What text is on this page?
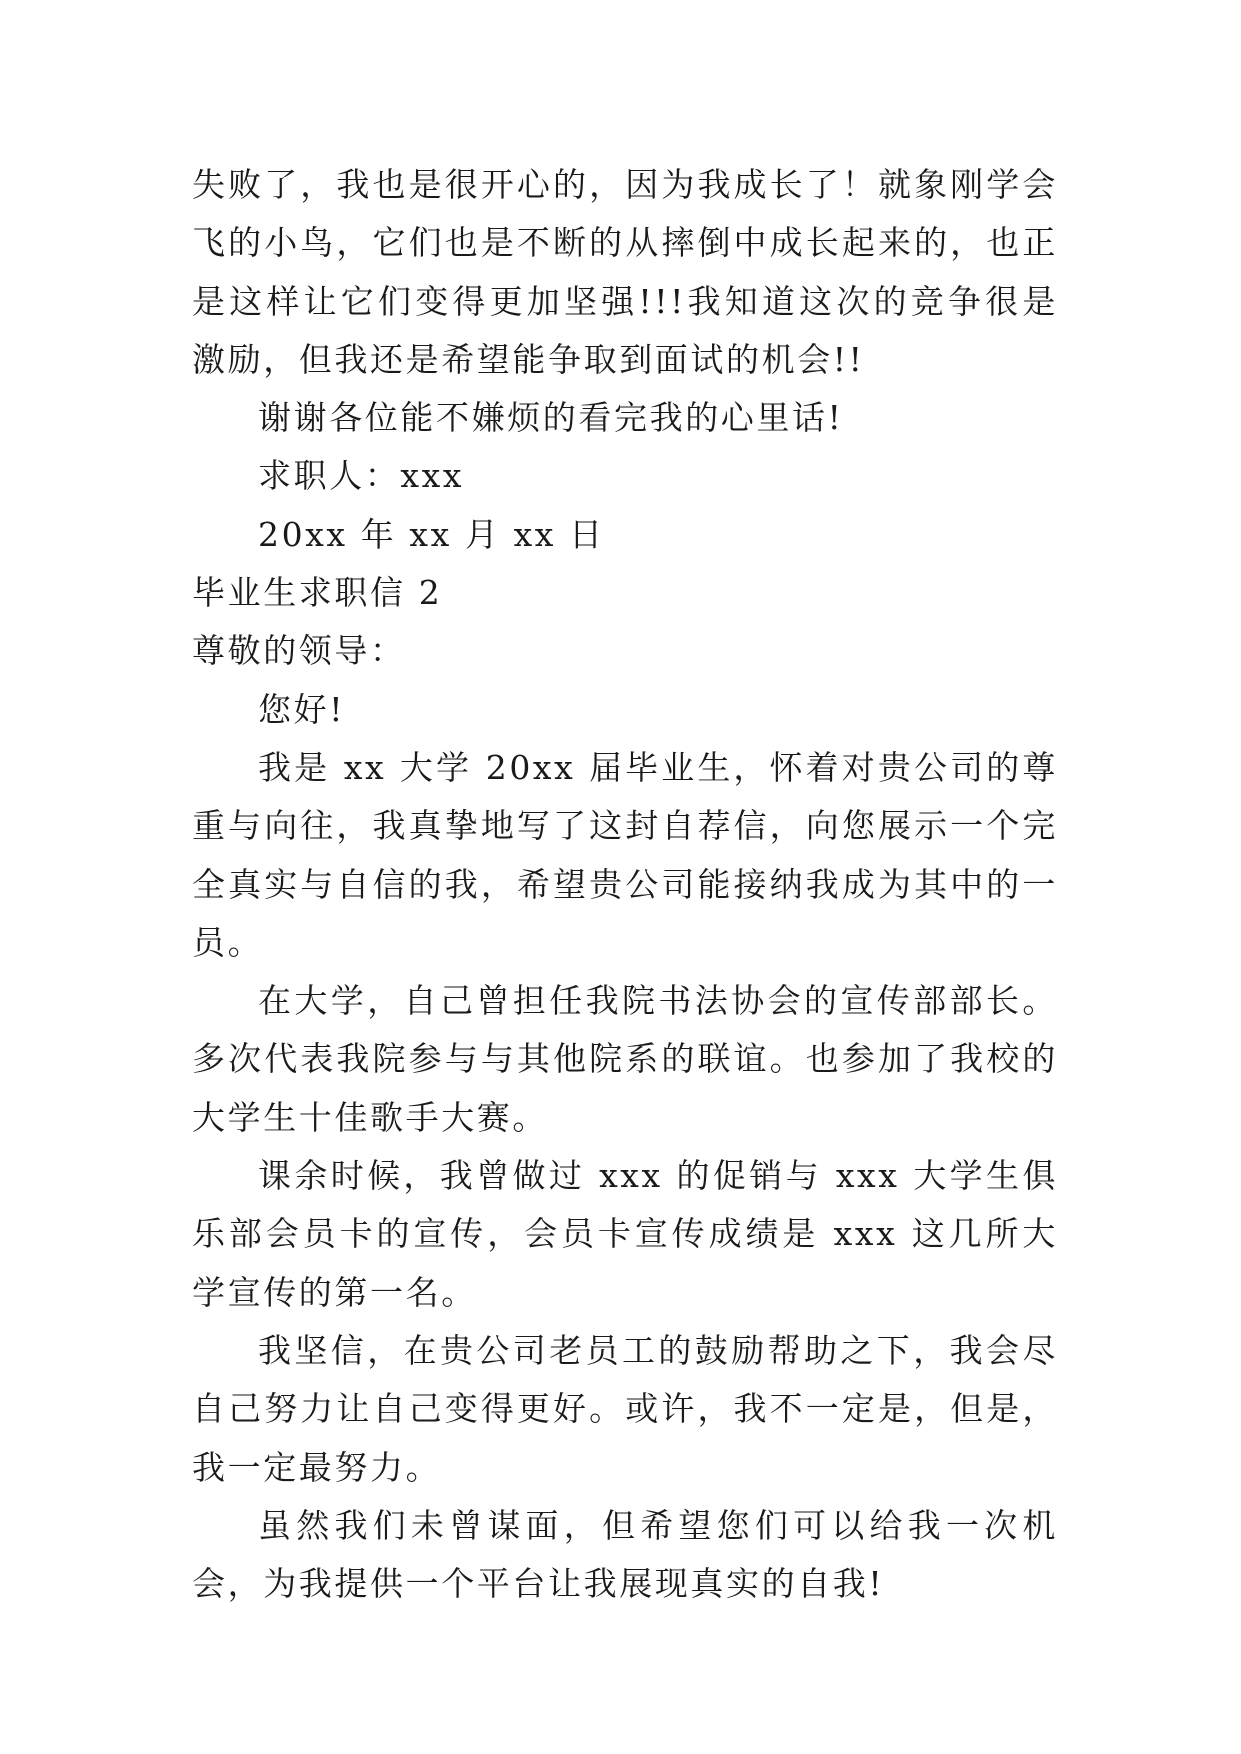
失败了，我也是很开心的，因为我成长了！就象刚学会飞的小鸟，它们也是不断的从摔倒中成长起来的，也正是这样让它们变得更加坚强!!!我知道这次的竞争很是激励，但我还是希望能争取到面试的机会!!

谢谢各位能不嫌烦的看完我的心里话!

求职人：xxx

20xx 年 xx 月 xx 日

毕业生求职信 2

尊敬的领导：

您好!

我是 xx 大学 20xx 届毕业生，怀着对贵公司的尊重与向往，我真挚地写了这封自荐信，向您展示一个完全真实与自信的我，希望贵公司能接纳我成为其中的一员。

在大学，自己曾担任我院书法协会的宣传部部长。多次代表我院参与与其他院系的联谊。也参加了我校的大学生十佳歌手大赛。

课余时候，我曾做过 xxx 的促销与 xxx 大学生俱乐部会员卡的宣传，会员卡宣传成绩是 xxx 这几所大学宣传的第一名。

我坚信，在贵公司老员工的鼓励帮助之下，我会尽自己努力让自己变得更好。或许，我不一定是，但是，我一定最努力。

虽然我们未曾谋面，但希望您们可以给我一次机会，为我提供一个平台让我展现真实的自我!
